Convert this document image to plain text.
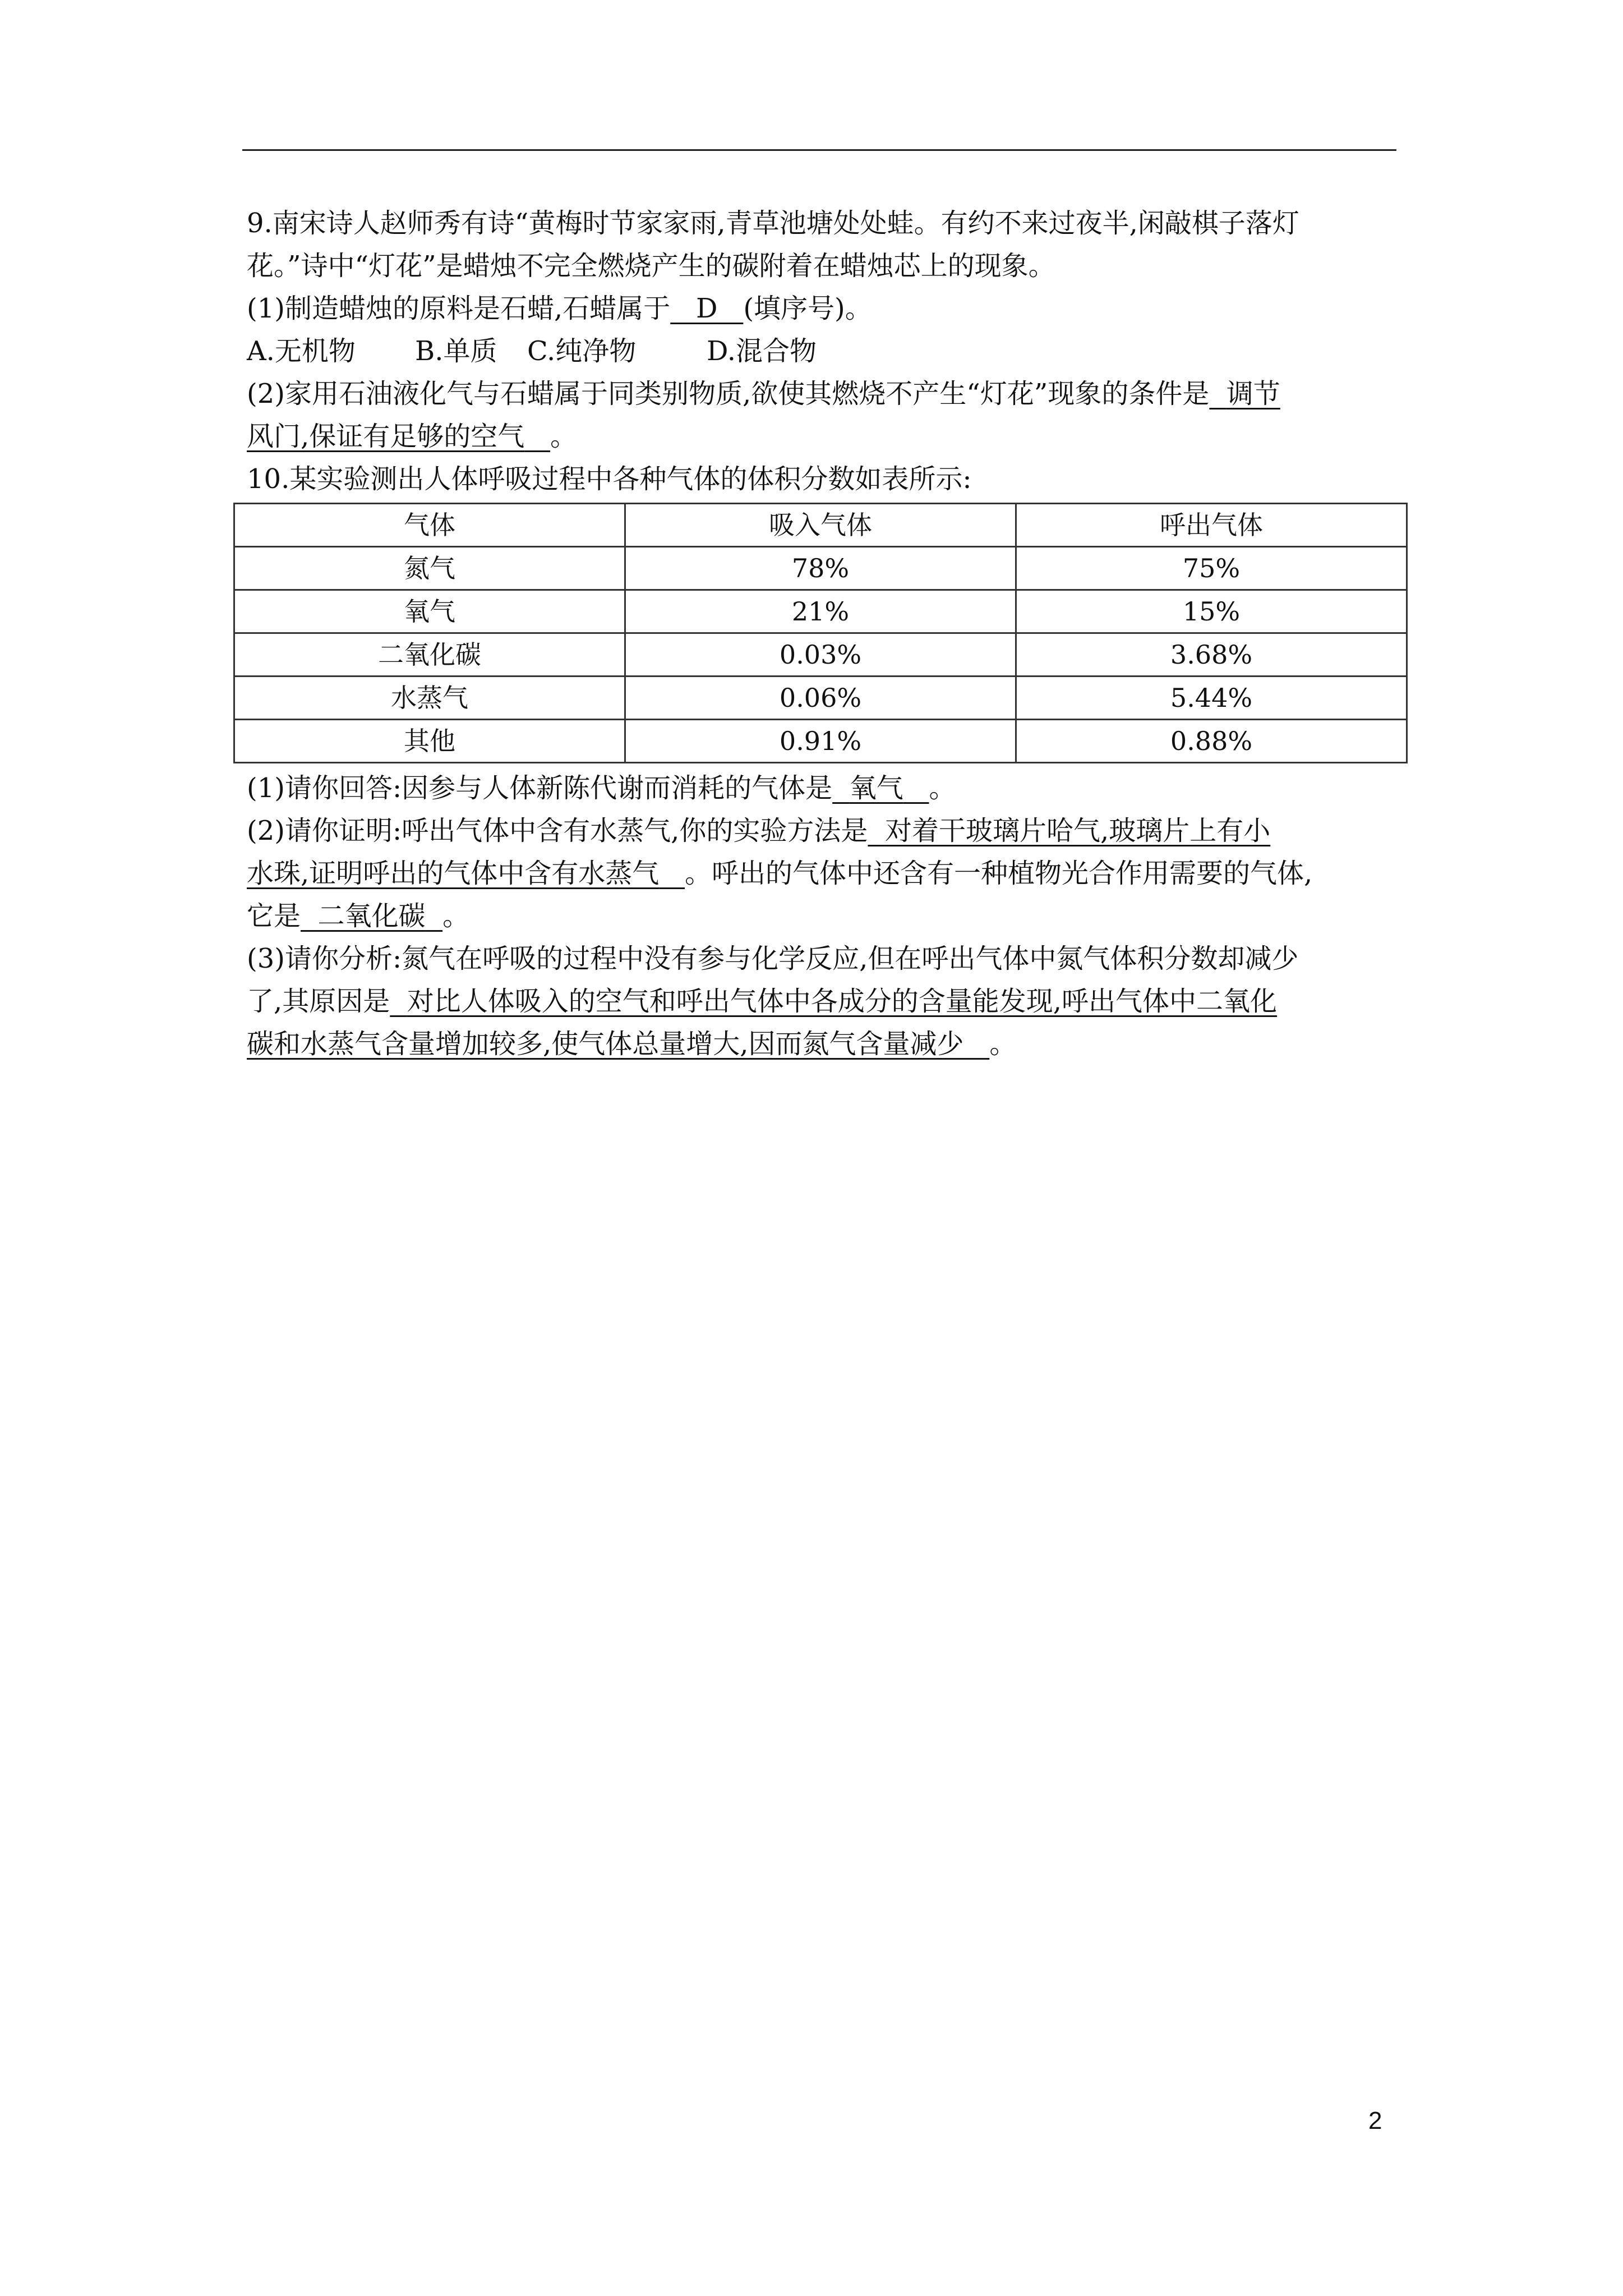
9.南宋诗人赵师秀有诗“黄梅时节家家雨,青草池塘处处蛙。有约不来过夜半,闲敲棋子落灯

花。”诗中“灯花”是蜡烛不完全燃烧产生的碳附着在蜡烛芯上的现象。

(1)制造蜡烛的原料是石蜡,石蜡属于 D (填序号)。

A.无机物 B.单质 C.纯净物	D.混合物

(2)家用石油液化气与石蜡属于同类别物质,欲使其燃烧不产生“灯花”现象的条件是 调节
风门,保证有足够的空气 。

10.某实验测出人体呼吸过程中各种气体的体积分数如表所示:

气体	吸入气体	呼出气体
氮气	78%	75%
氧气	21%	15%
二氧化碳	0.03%	3.68%
水蒸气	0.06%	5.44%
其他	0.91%	0.88%

(1)请你回答:因参与人体新陈代谢而消耗的气体是 氧气 。

(2)请你证明:呼出气体中含有水蒸气,你的实验方法是 对着干玻璃片哈气,玻璃片上有小
水珠,证明呼出的气体中含有水蒸气 。呼出的气体中还含有一种植物光合作用需要的气体,
它是 二氧化碳 。

(3)请你分析:氮气在呼吸的过程中没有参与化学反应,但在呼出气体中氮气体积分数却减少
了,其原因是 对比人体吸入的空气和呼出气体中各成分的含量能发现,呼出气体中二氧化
碳和水蒸气含量增加较多,使气体总量增大,因而氮气含量减少 。

2
